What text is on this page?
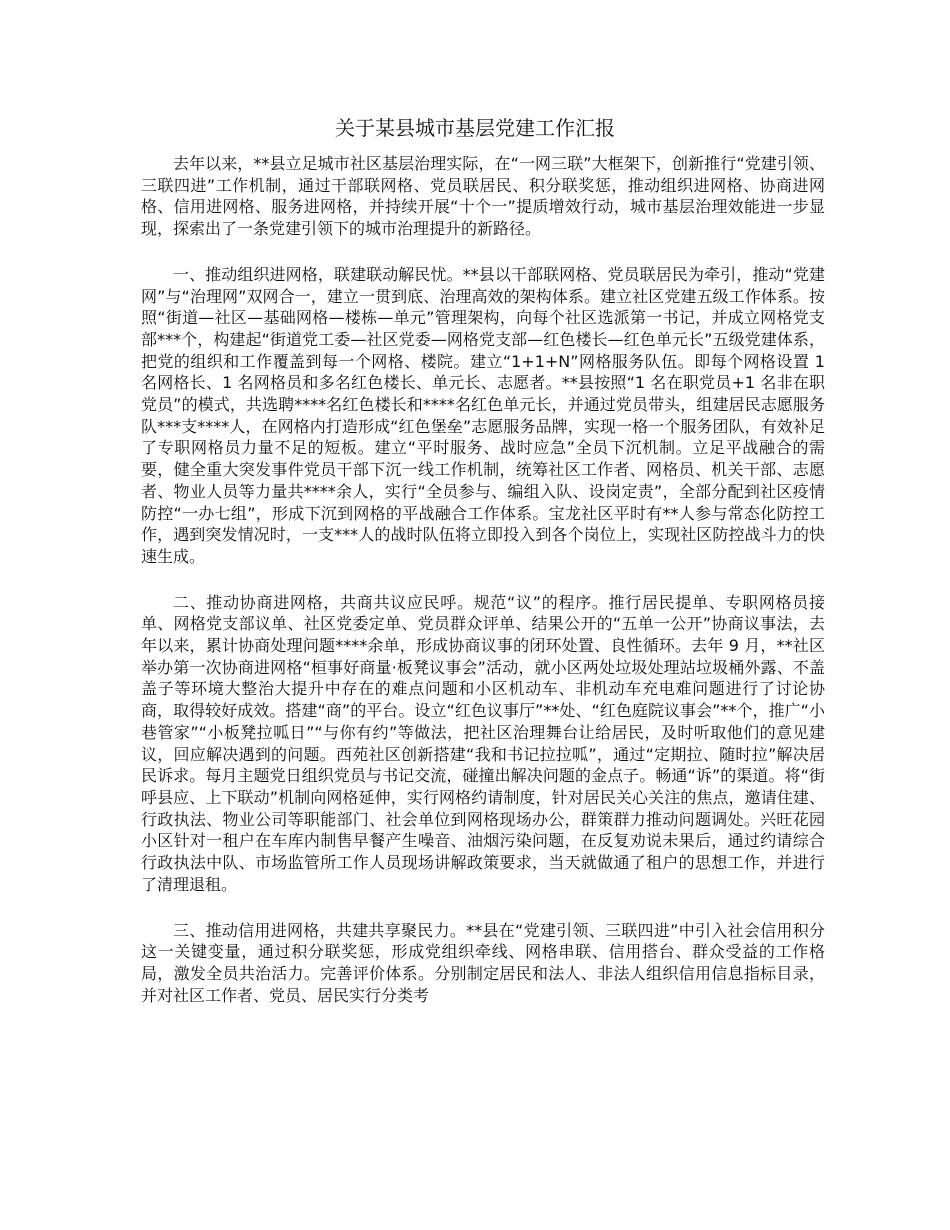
关于某县城市基层党建工作汇报

去年以来，**县立足城市社区基层治理实际，在“一网三联”大框架下，创新推行“党建引领、三联四进”工作机制，通过干部联网格、党员联居民、积分联奖惩，推动组织进网格、协商进网格、信用进网格、服务进网格，并持续开展“十个一”提质增效行动，城市基层治理效能进一步显现，探索出了一条党建引领下的城市治理提升的新路径。

一、推动组织进网格，联建联动解民忧。**县以干部联网格、党员联居民为牵引，推动“党建网”与“治理网”双网合一，建立一贯到底、治理高效的架构体系。建立社区党建五级工作体系。按照“街道—社区—基础网格—楼栋—单元”管理架构，向每个社区选派第一书记，并成立网格党支部***个，构建起“街道党工委—社区党委—网格党支部—红色楼长—红色单元长”五级党建体系，把党的组织和工作覆盖到每一个网格、楼院。建立“1+1+N”网格服务队伍。即每个网格设置 1 名网格长、1 名网格员和多名红色楼长、单元长、志愿者。**县按照“1 名在职党员+1 名非在职党员”的模式，共选聘****名红色楼长和****名红色单元长，并通过党员带头，组建居民志愿服务队***支****人，在网格内打造形成“红色堡垒”志愿服务品牌，实现一格一个服务团队，有效补足了专职网格员力量不足的短板。建立“平时服务、战时应急”全员下沉机制。立足平战融合的需要，健全重大突发事件党员干部下沉一线工作机制，统筹社区工作者、网格员、机关干部、志愿者、物业人员等力量共****余人，实行“全员参与、编组入队、设岗定责”，全部分配到社区疫情防控“一办七组”，形成下沉到网格的平战融合工作体系。宝龙社区平时有**人参与常态化防控工作，遇到突发情况时，一支***人的战时队伍将立即投入到各个岗位上，实现社区防控战斗力的快速生成。

二、推动协商进网格，共商共议应民呼。规范“议”的程序。推行居民提单、专职网格员接单、网格党支部议单、社区党委定单、党员群众评单、结果公开的“五单一公开”协商议事法，去年以来，累计协商处理问题****余单，形成协商议事的闭环处置、良性循环。去年 9 月，**社区举办第一次协商进网格“桓事好商量·板凳议事会”活动，就小区两处垃圾处理站垃圾桶外露、不盖盖子等环境大整治大提升中存在的难点问题和小区机动车、非机动车充电难问题进行了讨论协商，取得较好成效。搭建“商”的平台。设立“红色议事厅”**处、“红色庭院议事会”**个，推广“小巷管家”“小板凳拉呱日”“与你有约”等做法，把社区治理舞台让给居民，及时听取他们的意见建议，回应解决遇到的问题。西苑社区创新搭建“我和书记拉拉呱”，通过“定期拉、随时拉”解决居民诉求。每月主题党日组织党员与书记交流，碰撞出解决问题的金点子。畅通“诉”的渠道。将“街呼县应、上下联动”机制向网格延伸，实行网格约请制度，针对居民关心关注的焦点，邀请住建、行政执法、物业公司等职能部门、社会单位到网格现场办公，群策群力推动问题调处。兴旺花园小区针对一租户在车库内制售早餐产生噪音、油烟污染问题，在反复劝说未果后，通过约请综合行政执法中队、市场监管所工作人员现场讲解政策要求，当天就做通了租户的思想工作，并进行了清理退租。

三、推动信用进网格，共建共享聚民力。**县在“党建引领、三联四进”中引入社会信用积分这一关键变量，通过积分联奖惩，形成党组织牵线、网格串联、信用搭台、群众受益的工作格局，激发全员共治活力。完善评价体系。分别制定居民和法人、非法人组织信用信息指标目录，并对社区工作者、党员、居民实行分类考
